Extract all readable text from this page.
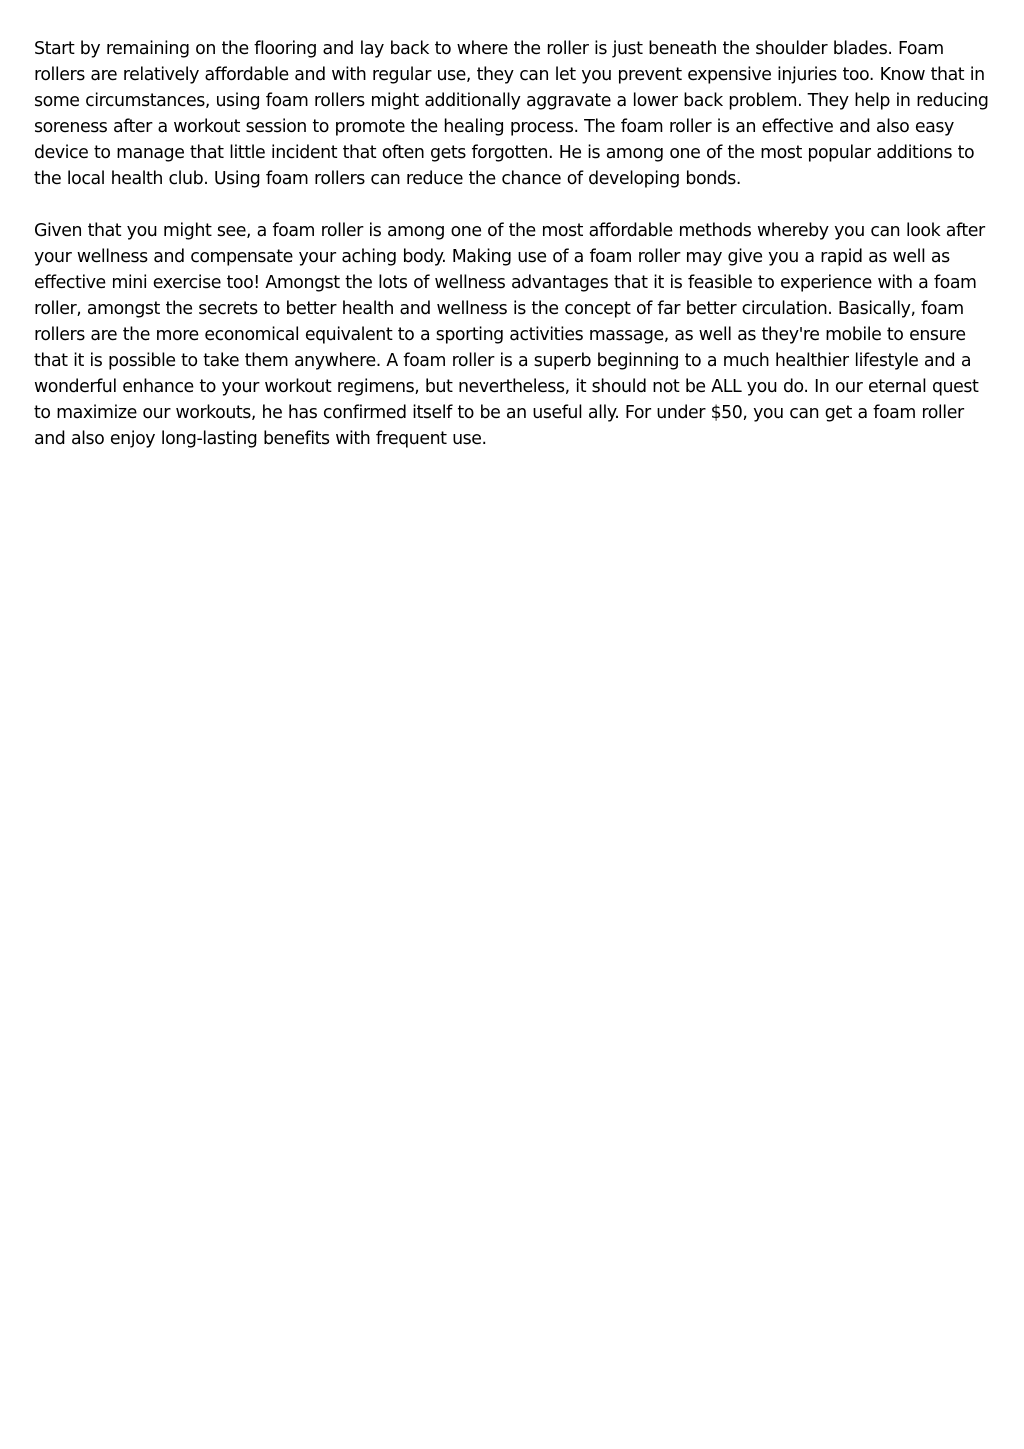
Start by remaining on the flooring and lay back to where the roller is just beneath the shoulder blades. Foam rollers are relatively affordable and with regular use, they can let you prevent expensive injuries too. Know that in some circumstances, using foam rollers might additionally aggravate a lower back problem. They help in reducing soreness after a workout session to promote the healing process. The foam roller is an effective and also easy device to manage that little incident that often gets forgotten. He is among one of the most popular additions to the local health club. Using foam rollers can reduce the chance of developing bonds.

Given that you might see, a foam roller is among one of the most affordable methods whereby you can look after your wellness and compensate your aching body. Making use of a foam roller may give you a rapid as well as effective mini exercise too! Amongst the lots of wellness advantages that it is feasible to experience with a foam roller, amongst the secrets to better health and wellness is the concept of far better circulation. Basically, foam rollers are the more economical equivalent to a sporting activities massage, as well as they're mobile to ensure that it is possible to take them anywhere. A foam roller is a superb beginning to a much healthier lifestyle and a wonderful enhance to your workout regimens, but nevertheless, it should not be ALL you do. In our eternal quest to maximize our workouts, he has confirmed itself to be an useful ally. For under $50, you can get a foam roller and also enjoy long-lasting benefits with frequent use.
